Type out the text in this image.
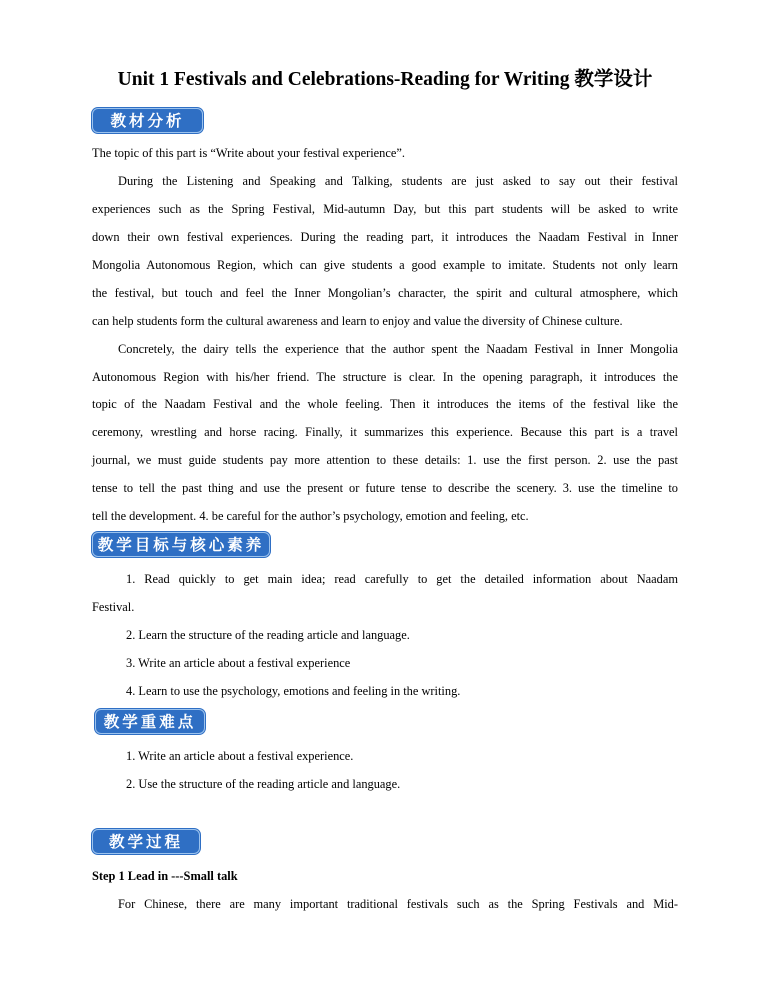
Unit 1 Festivals and Celebrations-Reading for Writing 教学设计
教材分析
The topic of this part is “Write about your festival experience”.
During the Listening and Speaking and Talking, students are just asked to say out their festival
experiences such as the Spring Festival, Mid-autumn Day, but this part students will be asked to write
down their own festival experiences. During the reading part, it introduces the Naadam Festival in Inner
Mongolia Autonomous Region, which can give students a good example to imitate. Students not only learn
the festival, but touch and feel the Inner Mongolian’s character, the spirit and cultural atmosphere, which
can help students form the cultural awareness and learn to enjoy and value the diversity of Chinese culture.
Concretely, the dairy tells the experience that the author spent the Naadam Festival in Inner Mongolia
Autonomous Region with his/her friend. The structure is clear. In the opening paragraph, it introduces the
topic of the Naadam Festival and the whole feeling. Then it introduces the items of the festival like the
ceremony, wrestling and horse racing. Finally, it summarizes this experience. Because this part is a travel
journal, we must guide students pay more attention to these details: 1. use the first person. 2. use the past
tense to tell the past thing and use the present or future tense to describe the scenery. 3. use the timeline to
tell the development. 4. be careful for the author’s psychology, emotion and feeling, etc.
教学目标与核心素养
1. Read quickly to get main idea; read carefully to get the detailed information about Naadam
Festival.
2. Learn the structure of the reading article and language.
3. Write an article about a festival experience
4. Learn to use the psychology, emotions and feeling in the writing.
教学重难点
1. Write an article about a festival experience.
2. Use the structure of the reading article and language.
教学过程
Step 1 Lead in ---Small talk
For Chinese, there are many important traditional festivals such as the Spring Festivals and Mid-
